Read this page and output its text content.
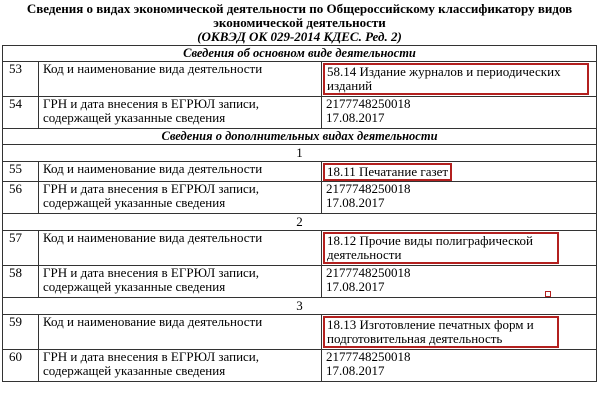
Сведения о видах экономической деятельности по Общероссийскому классификатору видов экономической деятельности
(ОКВЭД ОК 029-2014 КДЕС. Ред. 2)		
Сведения об основном виде деятельности		
53	Код и наименование вида деятельности	58.14 Издание журналов и периодических изданий
54	ГРН и дата внесения в ЕГРЮЛ записи, содержащей указанные сведения	2177748250018
17.08.2017
Сведения о дополнительных видах деятельности		
1		
55	Код и наименование вида деятельности	18.11 Печатание газет
56	ГРН и дата внесения в ЕГРЮЛ записи, содержащей указанные сведения	2177748250018
17.08.2017
2		
57	Код и наименование вида деятельности	18.12 Прочие виды полиграфической деятельности
58	ГРН и дата внесения в ЕГРЮЛ записи, содержащей указанные сведения	2177748250018
17.08.2017
3		
59	Код и наименование вида деятельности	18.13 Изготовление печатных форм и подготовительная деятельность
60	ГРН и дата внесения в ЕГРЮЛ записи, содержащей указанные сведения	2177748250018
17.08.2017
